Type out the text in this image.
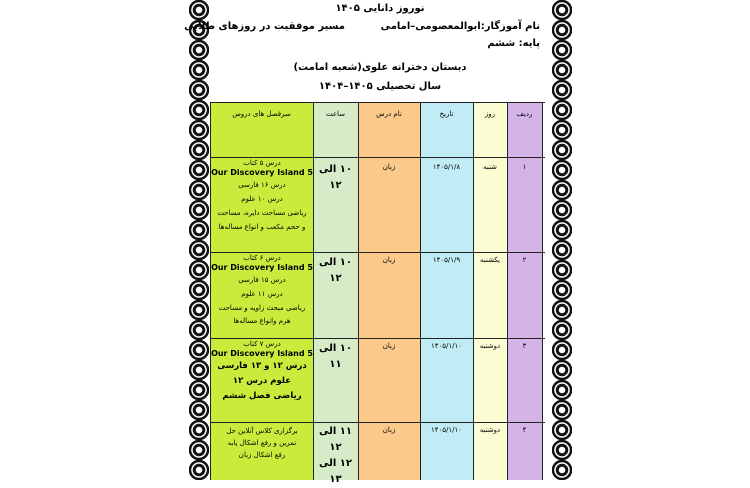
نوروز دانایی ۱۴۰۵
نام آموزگار:ابوالمعصومی–امامی
مسیر موفقیت در روزهای طلایی
پایه: ششم
دبستان دخترانه علوی(شعبه امامت)
سال تحصیلی ۱۴۰۵–۱۴۰۴
ردیف
روز
تاریخ
نام درس
ساعت
سرفصل های دروس
۱
شنبه
۱۴۰۵/۱/۸
زبان
۱۰ الی ۱۲
درس ۵ کتاب
Our Discovery Island 5
درس ۱۶ فارسی
درس ۱۰ علوم
ریاضی مساحت دایره، مساحت
و حجم مکعب و انواع مساله‌ها
۲
یکشنبه
۱۴۰۵/۱/۹
زبان
۱۰ الی ۱۲
درس ۶ کتاب
Our Discovery Island 5
درس ۱۵ فارسی
درس ۱۱ علوم
ریاضی مبحث زاویه و مساحت
هرم وانواع مساله‌ها
۳
دوشنبه
۱۴۰۵/۱/۱۰
زبان
۱۰ الی ۱۱
درس ۷ کتاب
Our Discovery Island 5
درس ۱۲ و ۱۳ فارسی
علوم درس ۱۲
ریاضی فصل ششم
۴
دوشنبه
۱۴۰۵/۱/۱۰
زبان
۱۱ الی ۱۲
۱۲ الی ۱۳
برگزاری کلاس آنلاین حل
تمرین و رفع اشکال پایه
رفع اشکال زبان
